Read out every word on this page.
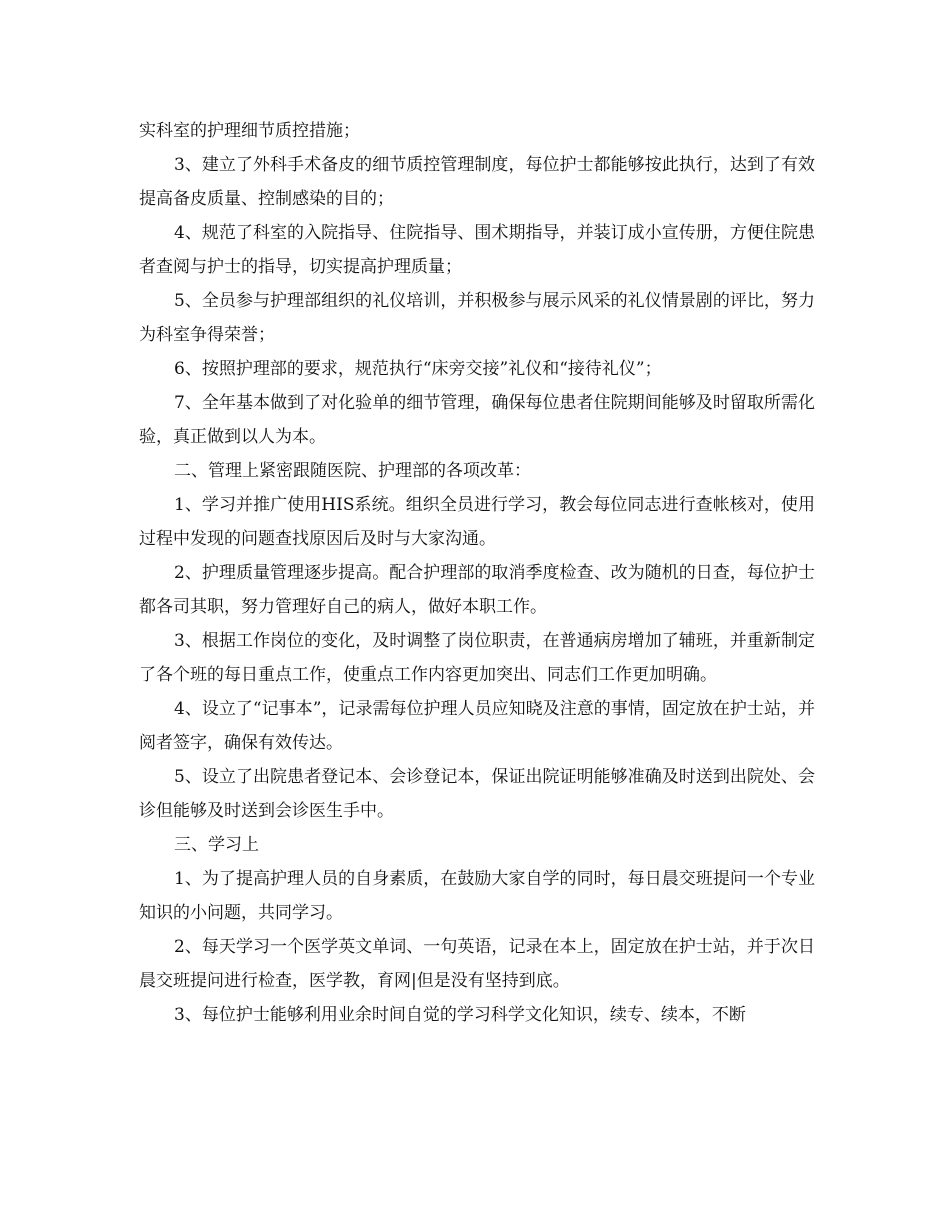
实科室的护理细节质控措施；

3、建立了外科手术备皮的细节质控管理制度，每位护士都能够按此执行，达到了有效提高备皮质量、控制感染的目的；

4、规范了科室的入院指导、住院指导、围术期指导，并装订成小宣传册，方便住院患者查阅与护士的指导，切实提高护理质量；

5、全员参与护理部组织的礼仪培训，并积极参与展示风采的礼仪情景剧的评比，努力为科室争得荣誉；

6、按照护理部的要求，规范执行“床旁交接”礼仪和“接待礼仪”；

7、全年基本做到了对化验单的细节管理，确保每位患者住院期间能够及时留取所需化验，真正做到以人为本。

二、管理上紧密跟随医院、护理部的各项改革：

1、学习并推广使用HIS系统。组织全员进行学习，教会每位同志进行查帐核对，使用过程中发现的问题查找原因后及时与大家沟通。

2、护理质量管理逐步提高。配合护理部的取消季度检查、改为随机的日查，每位护士都各司其职，努力管理好自己的病人，做好本职工作。

3、根据工作岗位的变化，及时调整了岗位职责，在普通病房增加了辅班，并重新制定了各个班的每日重点工作，使重点工作内容更加突出、同志们工作更加明确。

4、设立了“记事本”，记录需每位护理人员应知晓及注意的事情，固定放在护士站，并阅者签字，确保有效传达。

5、设立了出院患者登记本、会诊登记本，保证出院证明能够准确及时送到出院处、会诊但能够及时送到会诊医生手中。

三、学习上

1、为了提高护理人员的自身素质，在鼓励大家自学的同时，每日晨交班提问一个专业知识的小问题，共同学习。

2、每天学习一个医学英文单词、一句英语，记录在本上，固定放在护士站，并于次日晨交班提问进行检查，医学教，育网|但是没有坚持到底。

3、每位护士能够利用业余时间自觉的学习科学文化知识，续专、续本，不断
